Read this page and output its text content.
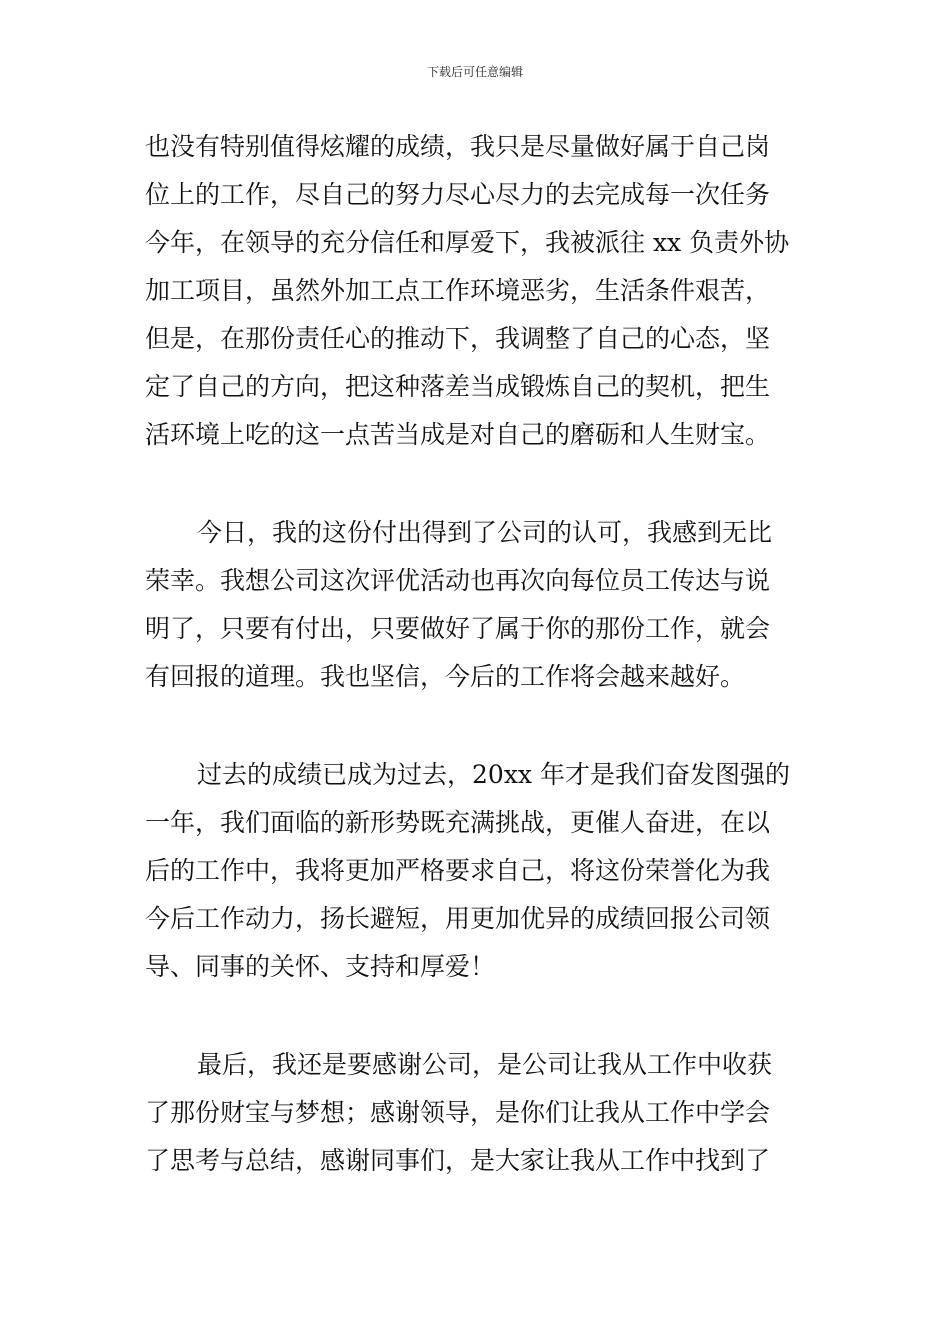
下载后可任意编辑
也没有特别值得炫耀的成绩，我只是尽量做好属于自己岗
位上的工作，尽自己的努力尽心尽力的去完成每一次任务
今年，在领导的充分信任和厚爱下，我被派往 xx 负责外协
加工项目，虽然外加工点工作环境恶劣，生活条件艰苦，
但是，在那份责任心的推动下，我调整了自己的心态，坚
定了自己的方向，把这种落差当成锻炼自己的契机，把生
活环境上吃的这一点苦当成是对自己的磨砺和人生财宝。
今日，我的这份付出得到了公司的认可，我感到无比
荣幸。我想公司这次评优活动也再次向每位员工传达与说
明了，只要有付出，只要做好了属于你的那份工作，就会
有回报的道理。我也坚信，今后的工作将会越来越好。
过去的成绩已成为过去，20xx 年才是我们奋发图强的
一年，我们面临的新形势既充满挑战，更催人奋进，在以
后的工作中，我将更加严格要求自己，将这份荣誉化为我
今后工作动力，扬长避短，用更加优异的成绩回报公司领
导、同事的关怀、支持和厚爱！
最后，我还是要感谢公司，是公司让我从工作中收获
了那份财宝与梦想；感谢领导，是你们让我从工作中学会
了思考与总结，感谢同事们，是大家让我从工作中找到了
